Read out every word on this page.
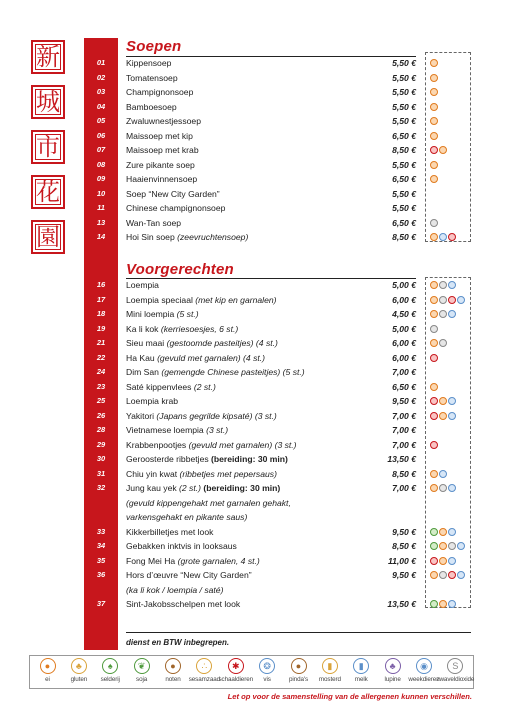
新
城
市
花
園
Soepen
01	Kippensoep	5,50 €
02	Tomatensoep	5,50 €
03	Champignonsoep	5,50 €
04	Bamboesoep	5,50 €
05	Zwaluwnestjessoep	5,50 €
06	Maissoep met kip	6,50 €
07	Maissoep met krab	8,50 €
08	Zure pikante soep	5,50 €
09	Haaienvinnensoep	6,50 €
10	Soep “New City Garden”	5,50 €
11	Chinese champignonsoep	5,50 €
13	Wan-Tan soep	6,50 €
14	Hoi Sin soep (zeevruchtensoep)	8,50 €
Voorgerechten
16	Loempia	5,00 €
17	Loempia speciaal (met kip en garnalen)	6,00 €
18	Mini loempia (5 st.)	4,50 €
19	Ka li kok (kerriesoesjes, 6 st.)	5,00 €
21	Sieu maai (gestoomde pasteitjes) (4 st.)	6,00 €
22	Ha Kau (gevuld met garnalen) (4 st.)	6,00 €
24	Dim San (gemengde Chinese pasteitjes) (5 st.)	7,00 €
23	Saté kippenvlees (2 st.)	6,50 €
25	Loempia krab	9,50 €
26	Yakitori (Japans gegrilde kipsaté) (3 st.)	7,00 €
28	Vietnamese loempia (3 st.)	7,00 €
29	Krabbenpootjes (gevuld met garnalen) (3 st.)	7,00 €
30	Geroosterde ribbetjes (bereiding: 30 min)	13,50 €
31	Chiu yin kwat (ribbetjes met pepersaus)	8,50 €
32	Jung kau yek (2 st.) (bereiding: 30 min)	7,00 €
(gevuld kippengehakt met garnalen gehakt,
varkensgehakt en pikante saus)
33	Kikkerbilletjes met look	9,50 €
34	Gebakken inktvis in looksaus	8,50 €
35	Fong Mei Ha (grote garnalen, 4 st.)	11,00 €
36	Hors d’œuvre “New City Garden”	9,50 €
(ka li kok / loempia / saté)
37	Sint-Jakobsschelpen met look	13,50 €
dienst en BTW inbegrepen.
●
ei
♣
gluten
♠
selderij
❦
soja
●
noten
∴
sesamzaad
✱
schaaldieren
❂
vis
●
pinda's
▮
mosterd
▮
melk
♣
lupine
◉
weekdieren
S
zwaveldioxide
Let op voor de samenstelling van de allergenen kunnen verschillen.
